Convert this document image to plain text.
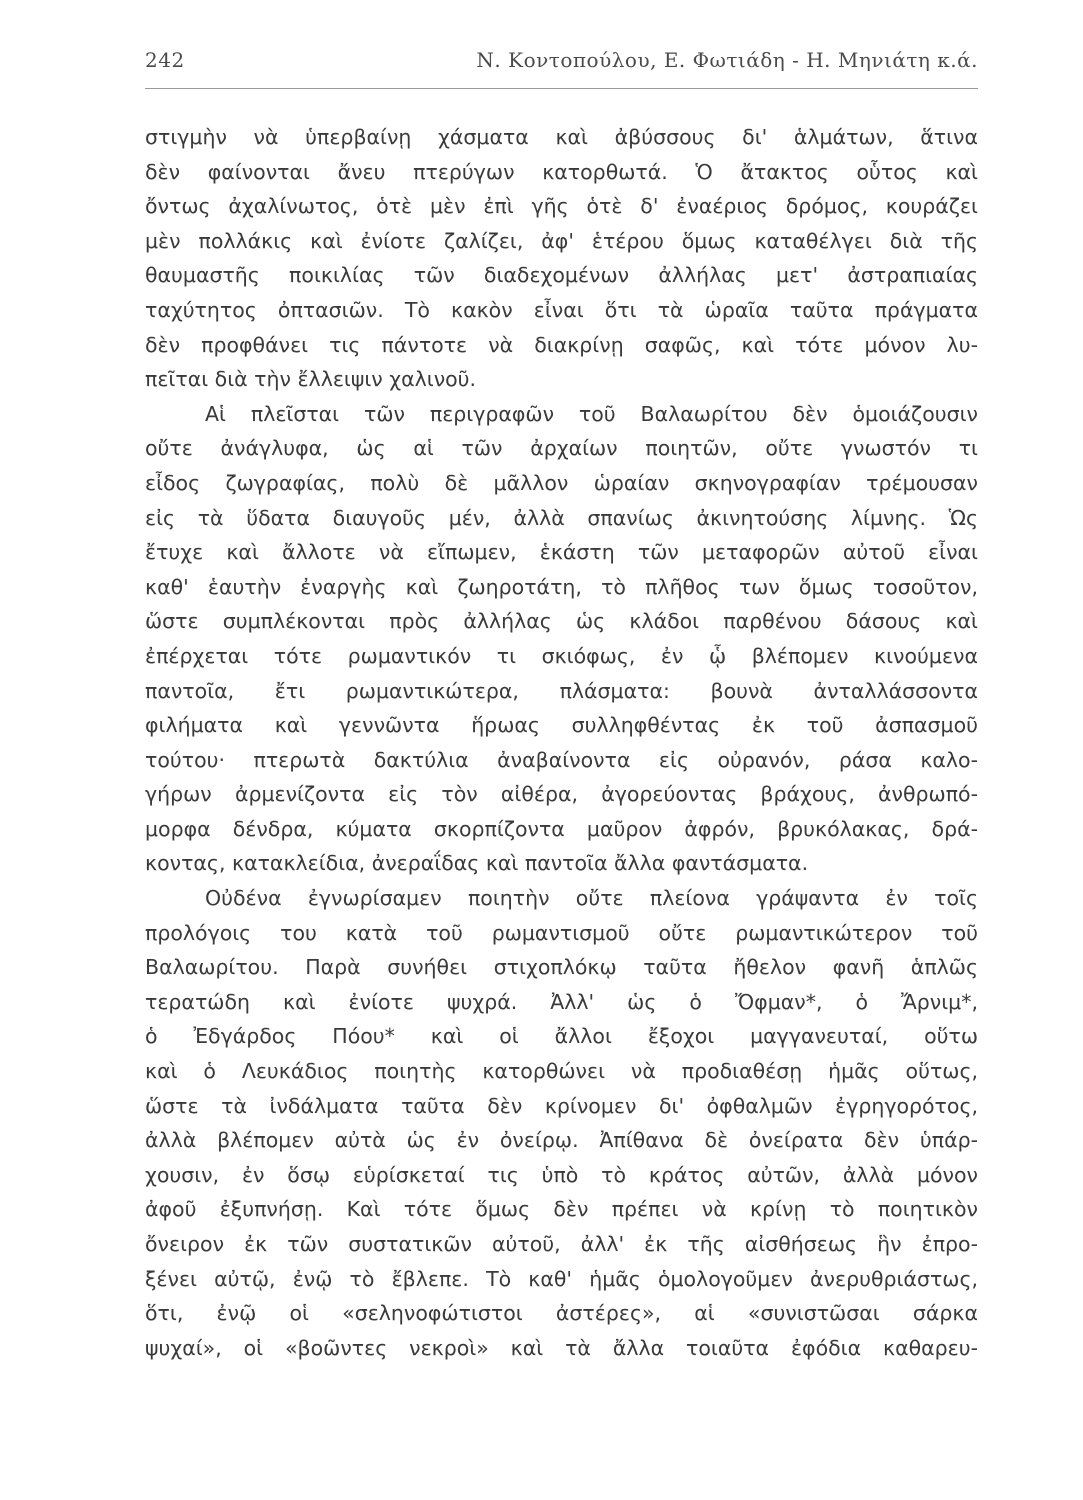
242	Ν. Κοντοπούλου, Ε. Φωτιάδη - Η. Μηνιάτη κ.ά.
στιγμὴν νὰ ὑπερβαίνῃ χάσματα καὶ ἀβύσσους δι' ἁλμάτων, ἅτινα
δὲν φαίνονται ἄνευ πτερύγων κατορθωτά. Ὁ ἄτακτος οὗτος καὶ
ὄντως ἀχαλίνωτος, ὁτὲ μὲν ἐπὶ γῆς ὁτὲ δ' ἐναέριος δρόμος, κουράζει
μὲν πολλάκις καὶ ἐνίοτε ζαλίζει, ἀφ' ἑτέρου ὅμως καταθέλγει διὰ τῆς
θαυμαστῆς ποικιλίας τῶν διαδεχομένων ἀλλήλας μετ' ἀστραπιαίας
ταχύτητος ὀπτασιῶν. Τὸ κακὸν εἶναι ὅτι τὰ ὡραῖα ταῦτα πράγματα
δὲν προφθάνει τις πάντοτε νὰ διακρίνῃ σαφῶς, καὶ τότε μόνον λυ-
πεῖται διὰ τὴν ἔλλειψιν χαλινοῦ.
Αἱ πλεῖσται τῶν περιγραφῶν τοῦ Βαλαωρίτου δὲν ὁμοιάζουσιν
οὔτε ἀνάγλυφα, ὡς αἱ τῶν ἀρχαίων ποιητῶν, οὔτε γνωστόν τι
εἶδος ζωγραφίας, πολὺ δὲ μᾶλλον ὡραίαν σκηνογραφίαν τρέμουσαν
εἰς τὰ ὕδατα διαυγοῦς μέν, ἀλλὰ σπανίως ἀκινητούσης λίμνης. Ὡς
ἔτυχε καὶ ἄλλοτε νὰ εἴπωμεν, ἑκάστη τῶν μεταφορῶν αὐτοῦ εἶναι
καθ' ἑαυτὴν ἐναργὴς καὶ ζωηροτάτη, τὸ πλῆθος των ὅμως τοσοῦτον,
ὥστε συμπλέκονται πρὸς ἀλλήλας ὡς κλάδοι παρθένου δάσους καὶ
ἐπέρχεται τότε ρωμαντικόν τι σκιόφως, ἐν ᾧ βλέπομεν κινούμενα
παντοῖα, ἔτι ρωμαντικώτερα, πλάσματα: βουνὰ ἀνταλλάσσοντα
φιλήματα καὶ γεννῶντα ἥρωας συλληφθέντας ἐκ τοῦ ἀσπασμοῦ
τούτου· πτερωτὰ δακτύλια ἀναβαίνοντα εἰς οὐρανόν, ράσα καλο-
γήρων ἀρμενίζοντα εἰς τὸν αἰθέρα, ἀγορεύοντας βράχους, ἀνθρωπό-
μορφα δένδρα, κύματα σκορπίζοντα μαῦρον ἀφρόν, βρυκόλακας, δρά-
κοντας, κατακλείδια, ἀνεραΐδας καὶ παντοῖα ἄλλα φαντάσματα.
Οὐδένα ἐγνωρίσαμεν ποιητὴν οὔτε πλείονα γράψαντα ἐν τοῖς
προλόγοις του κατὰ τοῦ ρωμαντισμοῦ οὔτε ρωμαντικώτερον τοῦ
Βαλαωρίτου. Παρὰ συνήθει στιχοπλόκῳ ταῦτα ἤθελον φανῆ ἁπλῶς
τερατώδη καὶ ἐνίοτε ψυχρά. Ἀλλ' ὡς ὁ Ὄφμαν*, ὁ Ἄρνιμ*,
ὁ Ἐδγάρδος Πόου* καὶ οἱ ἄλλοι ἔξοχοι μαγγανευταί, οὕτω
καὶ ὁ Λευκάδιος ποιητὴς κατορθώνει νὰ προδιαθέσῃ ἡμᾶς οὕτως,
ὥστε τὰ ἰνδάλματα ταῦτα δὲν κρίνομεν δι' ὀφθαλμῶν ἐγρηγορότος,
ἀλλὰ βλέπομεν αὐτὰ ὡς ἐν ὀνείρῳ. Ἀπίθανα δὲ ὀνείρατα δὲν ὑπάρ-
χουσιν, ἐν ὅσῳ εὑρίσκεταί τις ὑπὸ τὸ κράτος αὐτῶν, ἀλλὰ μόνον
ἀφοῦ ἐξυπνήσῃ. Καὶ τότε ὅμως δὲν πρέπει νὰ κρίνῃ τὸ ποιητικὸν
ὄνειρον ἐκ τῶν συστατικῶν αὐτοῦ, ἀλλ' ἐκ τῆς αἰσθήσεως ἣν ἐπρο-
ξένει αὐτῷ, ἐνῷ τὸ ἔβλεπε. Τὸ καθ' ἡμᾶς ὁμολογοῦμεν ἀνερυθριάστως,
ὅτι, ἐνῷ οἱ «σεληνοφώτιστοι ἀστέρες», αἱ «συνιστῶσαι σάρκα
ψυχαί», οἱ «βοῶντες νεκροὶ» καὶ τὰ ἄλλα τοιαῦτα ἐφόδια καθαρευ-
